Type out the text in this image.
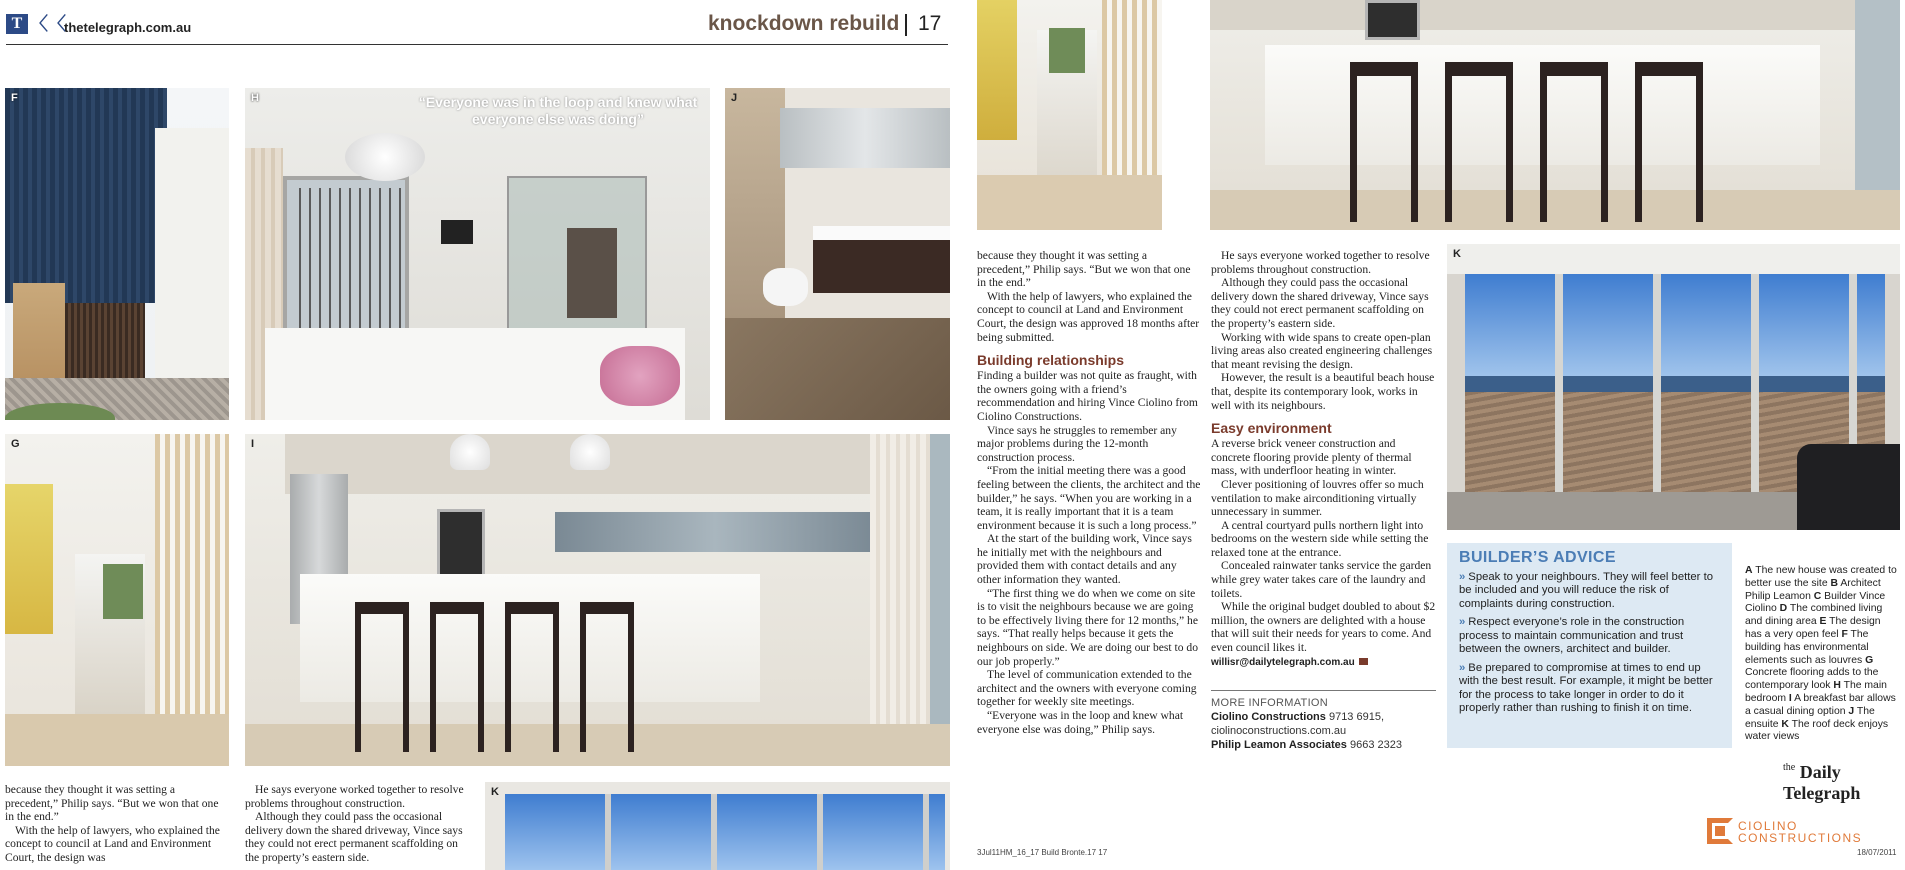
T 〈〈
thetelegraph.com.au	knockdown rebuild 17
F	H	“Everyone was in the loop and knew what everyone else was doing”
J
G	I
K

because they thought it was setting a precedent,” Philip says. “But we won that one in the end.”

With the help of lawyers, who explained the concept to council at Land and Environment Court, the design was

He says everyone worked together to resolve problems throughout construction.

Although they could pass the occasional delivery down the shared driveway, Vince says they could not erect permanent scaffolding on the property’s eastern side.

because they thought it was setting a precedent,” Philip says. “But we won that one in the end.”

With the help of lawyers, who explained the concept to council at Land and Environment Court, the design was approved 18 months after being submitted.

Building relationships

Finding a builder was not quite as fraught, with the owners going with a friend’s recommendation and hiring Vince Ciolino from Ciolino Constructions.

Vince says he struggles to remember any major problems during the 12-month construction process.

“From the initial meeting there was a good feeling between the clients, the architect and the builder,” he says. “When you are working in a team, it is really important that it is a team environment because it is such a long process.”

At the start of the building work, Vince says he initially met with the neighbours and provided them with contact details and any other information they wanted.

“The first thing we do when we come on site is to visit the neighbours because we are going to be effectively living there for 12 months,” he says. “That really helps because it gets the neighbours on side. We are doing our best to do our job properly.”

The level of communication extended to the architect and the owners with everyone coming together for weekly site meetings.

“Everyone was in the loop and knew what everyone else was doing,” Philip says.

He says everyone worked together to resolve problems throughout construction.

Although they could pass the occasional delivery down the shared driveway, Vince says they could not erect permanent scaffolding on the property’s eastern side.

Working with wide spans to create open-plan living areas also created engineering challenges that meant revising the design.

However, the result is a beautiful beach house that, despite its contemporary look, works in well with its neighbours.

Easy environment

A reverse brick veneer construction and concrete flooring provide plenty of thermal mass, with underfloor heating in winter.

Clever positioning of louvres offer so much ventilation to make airconditioning virtually unnecessary in summer.

A central courtyard pulls northern light into bedrooms on the western side while setting the relaxed tone at the entrance.

Concealed rainwater tanks service the garden while grey water takes care of the laundry and toilets.

While the original budget doubled to about $2 million, the owners are delighted with a house that will suit their needs for years to come. And even council likes it.

willisr@dailytelegraph.com.au

MORE INFORMATION
Ciolino Constructions 9713 6915,
ciolinoconstructions.com.au
Philip Leamon Associates 9663 2323
K
BUILDER’S ADVICE
» Speak to your neighbours. They will feel better to be included and you will reduce the risk of complaints during construction.
» Respect everyone’s role in the construction process to maintain communication and trust between the owners, architect and builder.
» Be prepared to compromise at times to end up with the best result. For example, it might be better for the process to take longer in order to do it properly rather than rushing to finish it on time.
A The new house was created to better use the site B Architect Philip Leamon C Builder Vince Ciolino D The combined living and dining area E The design has a very open feel F The building has environmental elements such as louvres G Concrete flooring adds to the contemporary look H The main bedroom I A breakfast bar allows a casual dining option J The ensuite K The roof deck enjoys water views
$^{the}$ Daily Telegraph
CIOLINO
CONSTRUCTIONS
3Jul11HM_16_17 Build Bronte.17 17	18/07/2011
